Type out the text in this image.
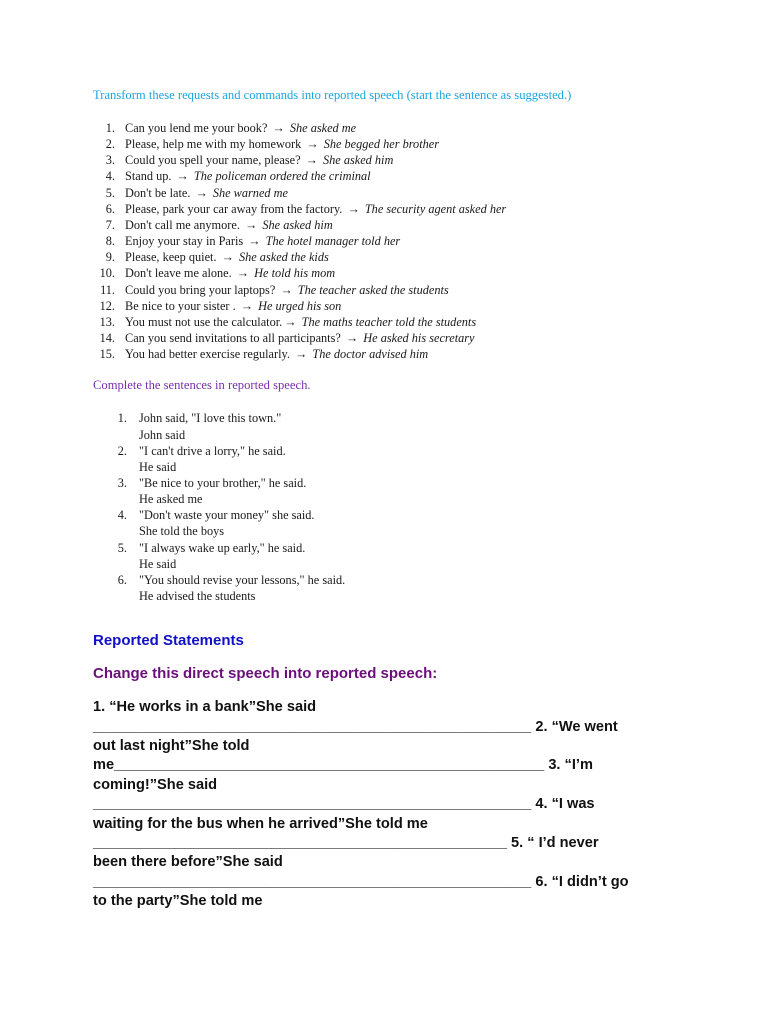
Transform these requests and commands into reported speech (start the sentence as suggested.)

1. Can you lend me your book? → She asked me
2. Please, help me with my homework → She begged her brother
3. Could you spell your name, please? → She asked him
4. Stand up. → The policeman ordered the criminal
5. Don't be late. → She warned me
6. Please, park your car away from the factory. → The security agent asked her
7. Don't call me anymore. → She asked him
8. Enjoy your stay in Paris → The hotel manager told her
9. Please, keep quiet. → She asked the kids
10. Don't leave me alone. → He told his mom
11. Could you bring your laptops? → The teacher asked the students
12. Be nice to your sister . → He urged his son
13. You must not use the calculator. → The maths teacher told the students
14. Can you send invitations to all participants? → He asked his secretary
15. You had better exercise regularly. → The doctor advised him

Complete the sentences in reported speech.

1. John said, "I love this town."
John said
2. "I can't drive a lorry," he said.
He said
3. "Be nice to your brother," he said.
He asked me
4. "Don't waste your money" she said.
She told the boys
5. "I always wake up early," he said.
He said
6. "You should revise your lessons," he said.
He advised the students

Reported Statements

Change this direct speech into reported speech:

1. “He works in a bank”She said
______________________________________________________ 2. “We went
out last night”She told
me_____________________________________________________ 3. “I’m
coming!”She said
______________________________________________________ 4. “I was
waiting for the bus when he arrived”She told me
___________________________________________________ 5. “ I’d never
been there before”She said
______________________________________________________ 6. “I didn’t go
to the party”She told me
